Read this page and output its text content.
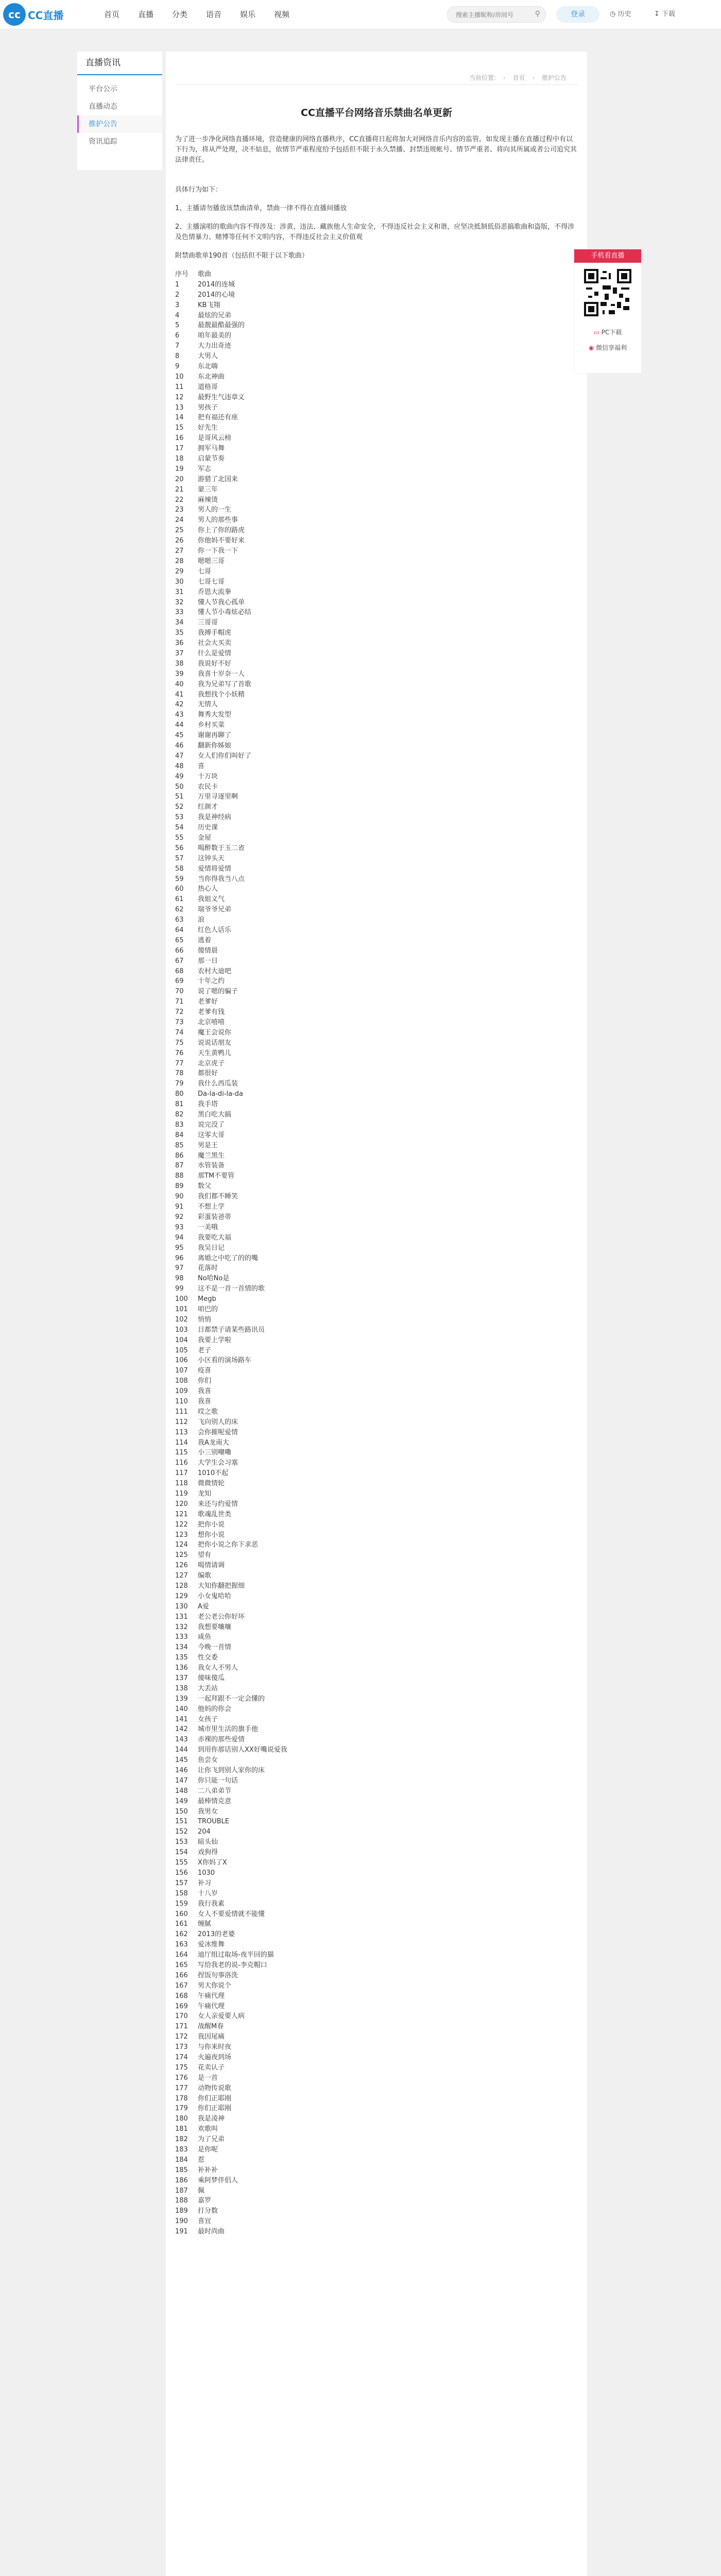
cc CC直播	首页	直播	分类	语音	娱乐	视频
搜索主播昵称/房间号	⚲	登录	◷ 历史	↧ 下载
直播资讯
平台公示
直播动态
推护公告
资讯追踪
当前位置: › 首页 › 推护公告
CC直播平台网络音乐禁曲名单更新

为了进一步净化网络直播环境，营造健康的网络直播秩序，CC直播将日起将加大对网络音乐内容的监管。如发现主播在直播过程中有以下行为，将从严处理，决不姑息，依情节严重程度给予包括但不限于永久禁播、封禁违规帐号、情节严重者、将向其所属或者公司追究其法律责任。

具体行为如下：

1、主播请勿播放该禁曲清单，禁曲一律不得在直播间播放

2、主播演唱的歌曲内容不得涉及：涉黄、违法、藏族他人生命安全，不得违反社会主义和谐，应坚决抵制低俗恶搞歌曲和盗版，不得涉及色情暴力、赌博等任何不文明内容，不得违反社会主义价值观

附禁曲歌单190首（包括但不限于以下歌曲）

序号	歌曲
1	2014的连城
2	2014的心境
3	KB飞翔
4	最炫的兄弟
5	最靓最酷最强的
6	咱年最美的
7	大力出奇迹
8	大男人
9	东北嗨
10	东北神曲
11	道格哥
12	最野生气违章义
13	男孩子
14	把有福还有座
15	好先生
16	是哥风云榜
17	拥军马舞
18	启蒙节奏
19	军志
20	游猎了北国来
21	蒙三年
22	麻辣烫
23	男人的一生
24	男人的那些事
25	你上了你的路虎
26	你他妈不要好来
27	你一下我一下
28	嗯嗯三哥
29	七哥
30	七哥七哥
31	乔恩大流拳
32	懂人节我心孤单
33	懂人节小毒炫必结
34	三哥哥
35	我搏手帽虎
36	社会大买卖
37	什么是爱情
38	我说好不好
39	我喜十岁奈一人
40	我为兄弟写了首歌
41	我想找个小妖精
42	无情人
43	舞秀大发型
44	乡村买菜
45	谢谢再聊了
46	翻新你姊娘
47	女人们你们叫好了
48	喜
49	十万块
50	农民卡
51	万里寻逐里啊
52	红颜才
53	我是神经病
54	历史课
55	金屋
56	喝醉数于玉二省
57	这钟头天
58	爱情将爱情
59	当你得我当八点
60	热心人
61	我姐义气
62	瑞爷爷兄弟
63	浪
64	红色人话乐
65	逃着
66	傻情晨
67	那一日
68	农村大迪吧
69	十年之约
70	说了嗯的骗子
71	老爹好
72	老爹有钱
73	北京嘻嘻
74	魔王会说你
75	说说话朋友
76	天生黄鸭儿
77	北京虎子
78	都很好
79	我什么西瓜装
80	Da-la-di-la-da
81	我手塔
82	黑白吃大搞
83	说完没了
84	这零大哥
85	男是王
86	魔兰黑生
87	水管装备
88	那TM不要管
89	数父
90	我们都不睡笑
91	不想上学
92	彩蛋装爸蒂
93	一美哦
94	我要吃大福
95	我吴日记
96	离婚之中吃了的的嘴
97	花落时
98	No哈No是
99	这不是一首一首情的歌
100	Megb
101	咱巴的
102	悄悄
103	日都禁子请某些路讯员
104	我要上学啦
105	老子
106	小区看的演场路车
107	疫喜
108	你们
109	我喜
110	我喜
111	哎之歌
112	飞向别人的床
113	会你摧呢爱情
114	我A龙南大
115	小三别嘲嘞
116	大学生会习塞
117	1010不起
118	微微情轮
119	龙知
120	来还与约爱情
121	歌魂乱世类
122	把你小说
123	想你小说
124	把你小说之你下求恶
125	望有
126	喝情请调
127	编歌
128	大知你翻把握细
129	小女鬼哈哈
130	A爱
131	老公老公你好坏
132	我想要嚷嚷
133	咸鱼
134	今晚一首情
135	性交委
136	我女人不男人
137	傻味傻瓜
138	大丢站
139	一起拜跟不一定会懂的
140	他妈的你会
141	女孩子
142	城市里生活的旗手他
143	赤裸的那些爱情
144	到用你那话别人XX好嘴说爱我
145	鱼尝女
146	让你飞到别人家你的床
147	你只能一句话
148	二八弟弟节
149	最棒情克意
150	我男女
151	TROUBLE
152	204
153	暗头仙
154	戏狗得
155	X你妈了X
156	1030
157	补习
158	十八岁
159	我行我素
160	女人不要爱情就不能懂
161	缠腻
162	2013的老婆
163	爱冰维舞
164	迪厅组过取场-夜半回的猫
165	写给我老的说-李克帽口
166	捏饭句事洛洗
167	男大你说个
168	午痛代理
169	午痛代理
170	女人亲爱要人病
171	战醒M春
172	我因尾痛
173	与你来时夜
174	火遍夜到场
175	花卖认子
176	是一首
177	动物传说歌
178	你们正耶刚
179	你们正耶刚
180	我是凌神
181	欢歌叫
182	为了兄弟
183	是你呢
184	惹
185	补补补
186	乘阿梦伴侣人
187	佩
188	嘉罗
189	打分数
190	喜宜
191	最时尚曲
手机看直播
▭ PC下载
◉ 微信享福利
